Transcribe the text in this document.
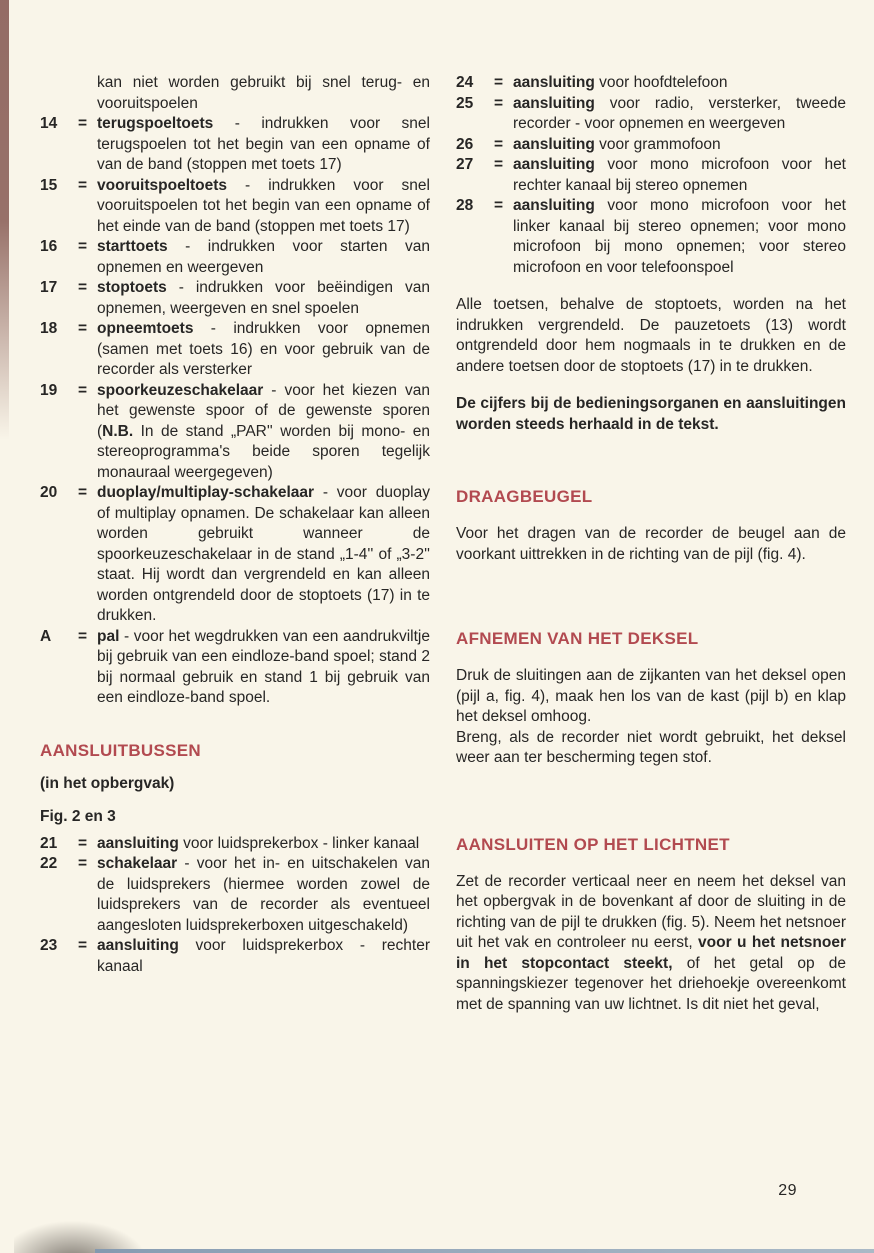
kan niet worden gebruikt bij snel terug- en vooruitspoelen
14	= terugspoeltoets - indrukken voor snel terugspoelen tot het begin van een opname of van de band (stoppen met toets 17)
15	= vooruitspoeltoets - indrukken voor snel vooruitspoelen tot het begin van een opname of het einde van de band (stoppen met toets 17)
16	= starttoets - indrukken voor starten van opnemen en weergeven
17	= stoptoets - indrukken voor beëindigen van opnemen, weergeven en snel spoelen
18	= opneemtoets - indrukken voor opnemen (samen met toets 16) en voor gebruik van de recorder als versterker
19	= spoorkeuzeschakelaar - voor het kiezen van het gewenste spoor of de gewenste sporen (N.B. In de stand „PAR'' worden bij mono- en stereoprogramma's beide sporen tegelijk monauraal weergegeven)
20	= duoplay/multiplay-schakelaar - voor duoplay of multiplay opnamen. De schakelaar kan alleen worden gebruikt wanneer de spoorkeuzeschakelaar in de stand „1-4'' of „3-2'' staat. Hij wordt dan vergrendeld en kan alleen worden ontgrendeld door de stoptoets (17) in te drukken.
A	= pal - voor het wegdrukken van een aandrukviltje bij gebruik van een eindloze-band spoel; stand 2 bij normaal gebruik en stand 1 bij gebruik van een eindloze-band spoel.
AANSLUITBUSSEN

(in het opbergvak)

Fig. 2 en 3

21	= aansluiting voor luidsprekerbox - linker kanaal
22	= schakelaar - voor het in- en uitschakelen van de luidsprekers (hiermee worden zowel de luidsprekers van de recorder als eventueel aangesloten luidsprekerboxen uitgeschakeld)
23	= aansluiting voor luidsprekerbox - rechter kanaal
24	= aansluiting voor hoofdtelefoon
25	= aansluiting voor radio, versterker, tweede recorder - voor opnemen en weergeven
26	= aansluiting voor grammofoon
27	= aansluiting voor mono microfoon voor het rechter kanaal bij stereo opnemen
28	= aansluiting voor mono microfoon voor het linker kanaal bij stereo opnemen; voor mono microfoon bij mono opnemen; voor stereo microfoon en voor telefoonspoel

Alle toetsen, behalve de stoptoets, worden na het indrukken vergrendeld. De pauzetoets (13) wordt ontgrendeld door hem nogmaals in te drukken en de andere toetsen door de stoptoets (17) in te drukken.

De cijfers bij de bedieningsorganen en aansluitingen worden steeds herhaald in de tekst.

DRAAGBEUGEL

Voor het dragen van de recorder de beugel aan de voorkant uittrekken in de richting van de pijl (fig. 4).

AFNEMEN VAN HET DEKSEL

Druk de sluitingen aan de zijkanten van het deksel open (pijl a, fig. 4), maak hen los van de kast (pijl b) en klap het deksel omhoog.

Breng, als de recorder niet wordt gebruikt, het deksel weer aan ter bescherming tegen stof.

AANSLUITEN OP HET LICHTNET

Zet de recorder verticaal neer en neem het deksel van het opbergvak in de bovenkant af door de sluiting in de richting van de pijl te drukken (fig. 5). Neem het netsnoer uit het vak en controleer nu eerst, voor u het netsnoer in het stopcontact steekt, of het getal op de spanningskiezer tegenover het driehoekje overeenkomt met de spanning van uw lichtnet. Is dit niet het geval,

29
